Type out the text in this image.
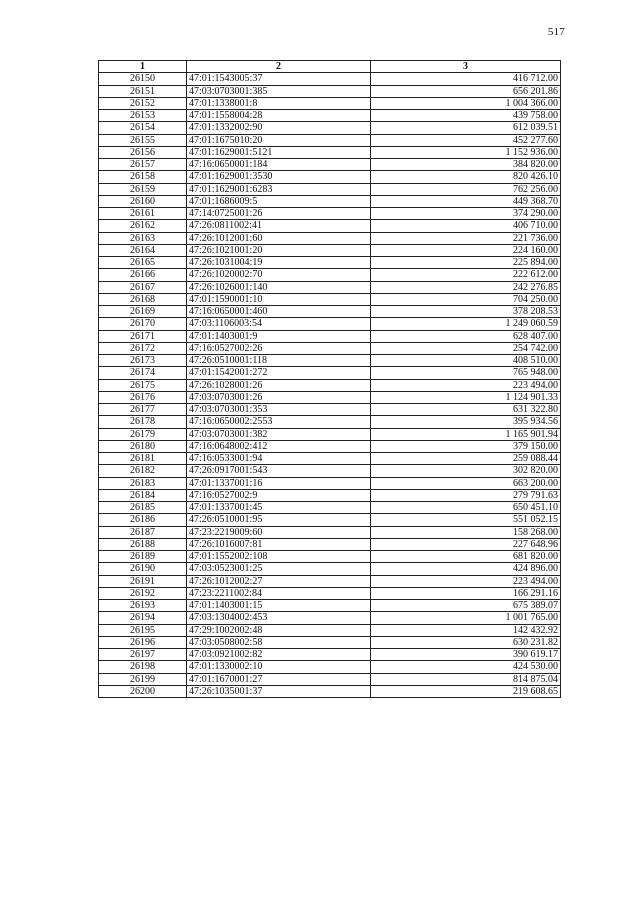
517
1	2	3
26150	47:01:1543005:37	416 712.00
26151	47:03:0703001:385	656 201.86
26152	47:01:1338001:8	1 004 366.00
26153	47:01:1558004:28	439 758.00
26154	47:01:1332002:90	612 039.51
26155	47:01:1675010:20	452 277.60
26156	47:01:1629001:5121	1 152 936.00
26157	47:16:0650001:184	384 820.00
26158	47:01:1629001:3530	820 426.10
26159	47:01:1629001:6283	762 256.00
26160	47:01:1686009:5	449 368.70
26161	47:14:0725001:26	374 290.00
26162	47:26:0811002:41	406 710.00
26163	47:26:1012001:60	221 736.00
26164	47:26:1021001:20	224 160.00
26165	47:26:1031004:19	225 894.00
26166	47:26:1020002:70	222 612.00
26167	47:26:1026001:140	242 276.85
26168	47:01:1590001:10	704 250.00
26169	47:16:0650001:460	378 208.53
26170	47:03:1106003:54	1 249 060.59
26171	47:01:1403001:9	628 407.00
26172	47:16:0527002:26	254 742.00
26173	47:26:0510001:118	408 510.00
26174	47:01:1542001:272	765 948.00
26175	47:26:1028001:26	223 494.00
26176	47:03:0703001:26	1 124 901.33
26177	47:03:0703001:353	631 322.80
26178	47:16:0650002:2553	395 934.56
26179	47:03:0703001:382	1 165 901.94
26180	47:16:0648002:412	379 150.00
26181	47:16:0533001:94	259 088.44
26182	47:26:0917001:543	302 820.00
26183	47:01:1337001:16	663 200.00
26184	47:16:0527002:9	279 791.63
26185	47:01:1337001:45	650 451.10
26186	47:26:0510001:95	551 052.15
26187	47:23:2219009:60	158 268.00
26188	47:26:1016007:81	227 648.96
26189	47:01:1552002:108	681 820.00
26190	47:03:0523001:25	424 896.00
26191	47:26:1012002:27	223 494.00
26192	47:23:2211002:84	166 291.16
26193	47:01:1403001:15	675 389.07
26194	47:03:1304002:453	1 001 765.00
26195	47:29:1002002:48	142 432.92
26196	47:03:0508002:58	630 231.82
26197	47:03:0921002:82	390 619.17
26198	47:01:1330002:10	424 530.00
26199	47:01:1670001:27	814 875.04
26200	47:26:1035001:37	219 608.65
